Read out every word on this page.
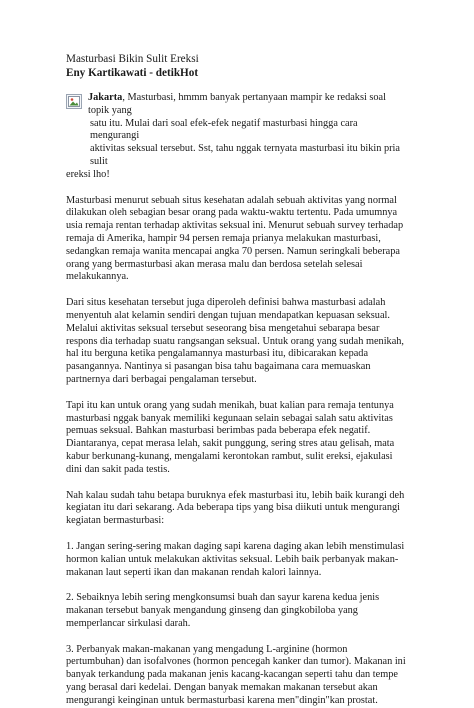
Masturbasi Bikin Sulit Ereksi

Eny Kartikawati - detikHot

Jakarta, Masturbasi, hmmm banyak pertanyaan mampir ke redaksi soal topik yang
satu itu. Mulai dari soal efek-efek negatif masturbasi hingga cara mengurangi
aktivitas seksual tersebut. Sst, tahu nggak ternyata masturbasi itu bikin pria sulit
ereksi lho!

Masturbasi menurut sebuah situs kesehatan adalah sebuah aktivitas yang normal dilakukan oleh sebagian besar orang pada waktu-waktu tertentu. Pada umumnya usia remaja rentan terhadap aktivitas seksual ini. Menurut sebuah survey terhadap remaja di Amerika, hampir 94 persen remaja prianya melakukan masturbasi, sedangkan remaja wanita mencapai angka 70 persen. Namun seringkali beberapa orang yang bermasturbasi akan merasa malu dan berdosa setelah selesai melakukannya.

Dari situs kesehatan tersebut juga diperoleh definisi bahwa masturbasi adalah menyentuh alat kelamin sendiri dengan tujuan mendapatkan kepuasan seksual. Melalui aktivitas seksual tersebut seseorang bisa mengetahui sebarapa besar respons dia terhadap suatu rangsangan seksual. Untuk orang yang sudah menikah, hal itu berguna ketika pengalamannya masturbasi itu, dibicarakan kepada pasangannya. Nantinya si pasangan bisa tahu bagaimana cara memuaskan partnernya dari berbagai pengalaman tersebut.

Tapi itu kan untuk orang yang sudah menikah, buat kalian para remaja tentunya masturbasi nggak banyak memiliki kegunaan selain sebagai salah satu aktivitas pemuas seksual. Bahkan masturbasi berimbas pada beberapa efek negatif. Diantaranya, cepat merasa lelah, sakit punggung, sering stres atau gelisah, mata kabur berkunang-kunang, mengalami kerontokan rambut, sulit ereksi, ejakulasi dini dan sakit pada testis.

Nah kalau sudah tahu betapa buruknya efek masturbasi itu, lebih baik kurangi deh kegiatan itu dari sekarang. Ada beberapa tips yang bisa diikuti untuk mengurangi kegiatan bermasturbasi:

1. Jangan sering-sering makan daging sapi karena daging akan lebih menstimulasi hormon kalian untuk melakukan aktivitas seksual. Lebih baik perbanyak makan-makanan laut seperti ikan dan makanan rendah kalori lainnya.

2. Sebaiknya lebih sering mengkonsumsi buah dan sayur karena kedua jenis makanan tersebut banyak mengandung ginseng dan gingkobiloba yang memperlancar sirkulasi darah.

3. Perbanyak makan-makanan yang mengadung L-arginine (hormon pertumbuhan) dan isofalvones (hormon pencegah kanker dan tumor). Makanan ini banyak terkandung pada makanan jenis kacang-kacangan seperti tahu dan tempe yang berasal dari kedelai. Dengan banyak memakan makanan tersebut akan mengurangi keinginan untuk bermasturbasi karena men"dingin"kan prostat.
